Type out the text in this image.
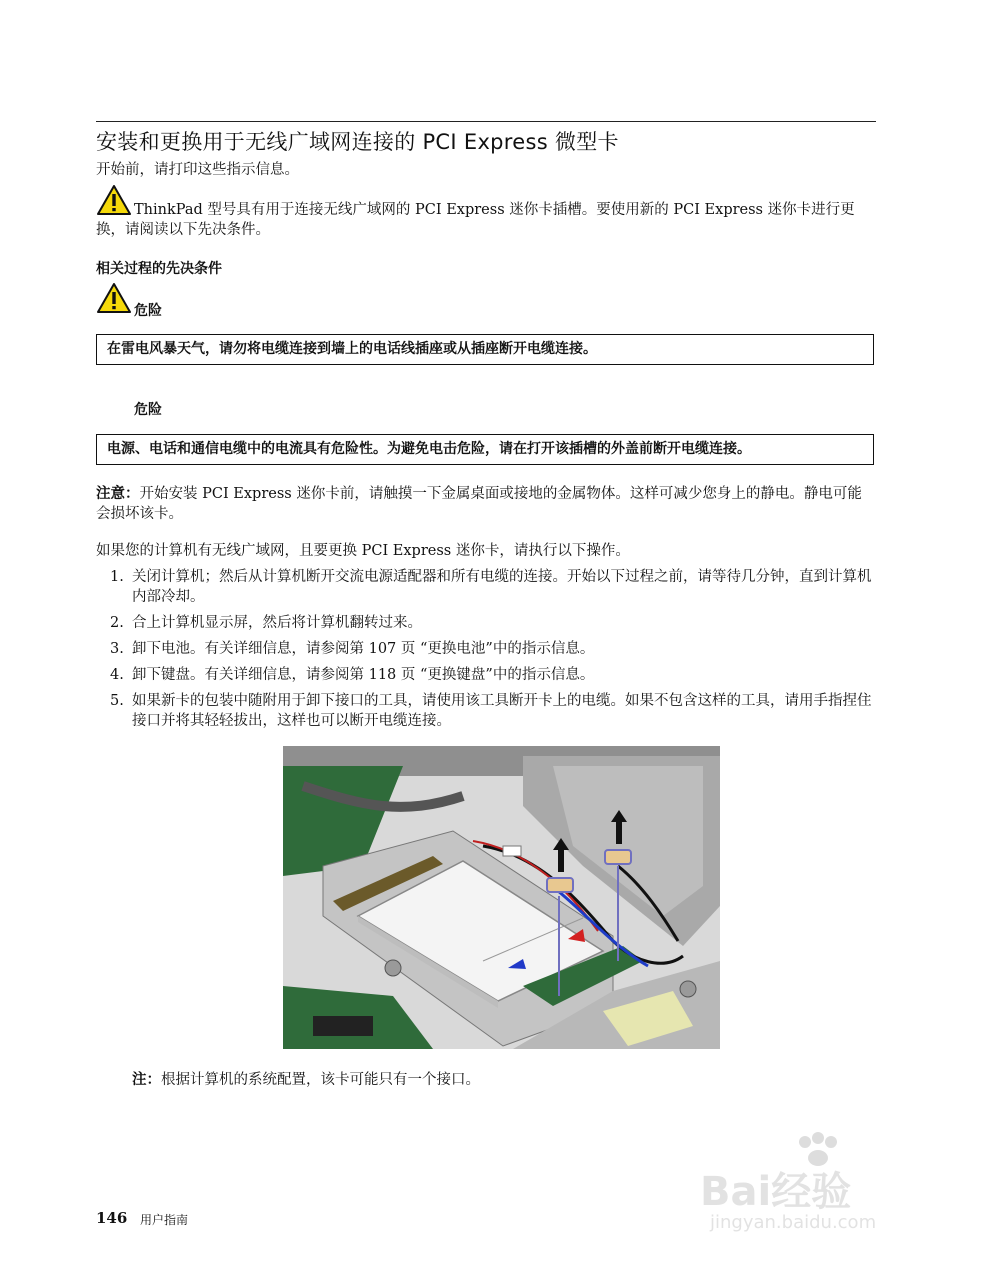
安装和更换用于无线广域网连接的 PCI Express 微型卡
开始前，请打印这些指示信息。
ThinkPad 型号具有用于连接无线广域网的 PCI Express 迷你卡插槽。要使用新的 PCI Express 迷你卡进行更换，请阅读以下先决条件。
相关过程的先决条件
危险
在雷电风暴天气，请勿将电缆连接到墙上的电话线插座或从插座断开电缆连接。
危险
电源、电话和通信电缆中的电流具有危险性。为避免电击危险，请在打开该插槽的外盖前断开电缆连接。
注意：开始安装 PCI Express 迷你卡前，请触摸一下金属桌面或接地的金属物体。这样可减少您身上的静电。静电可能会损坏该卡。
如果您的计算机有无线广域网，且要更换 PCI Express 迷你卡，请执行以下操作。
1. 关闭计算机；然后从计算机断开交流电源适配器和所有电缆的连接。开始以下过程之前，请等待几分钟，直到计算机内部冷却。
2. 合上计算机显示屏，然后将计算机翻转过来。
3. 卸下电池。有关详细信息，请参阅第 107 页 “更换电池”中的指示信息。
4. 卸下键盘。有关详细信息，请参阅第 118 页 “更换键盘”中的指示信息。
5. 如果新卡的包装中随附用于卸下接口的工具，请使用该工具断开卡上的电缆。如果不包含这样的工具，请用手指捏住接口并将其轻轻拔出，这样也可以断开电缆连接。
注：根据计算机的系统配置，该卡可能只有一个接口。
146 用户指南
Bai经验
jingyan.baidu.com
